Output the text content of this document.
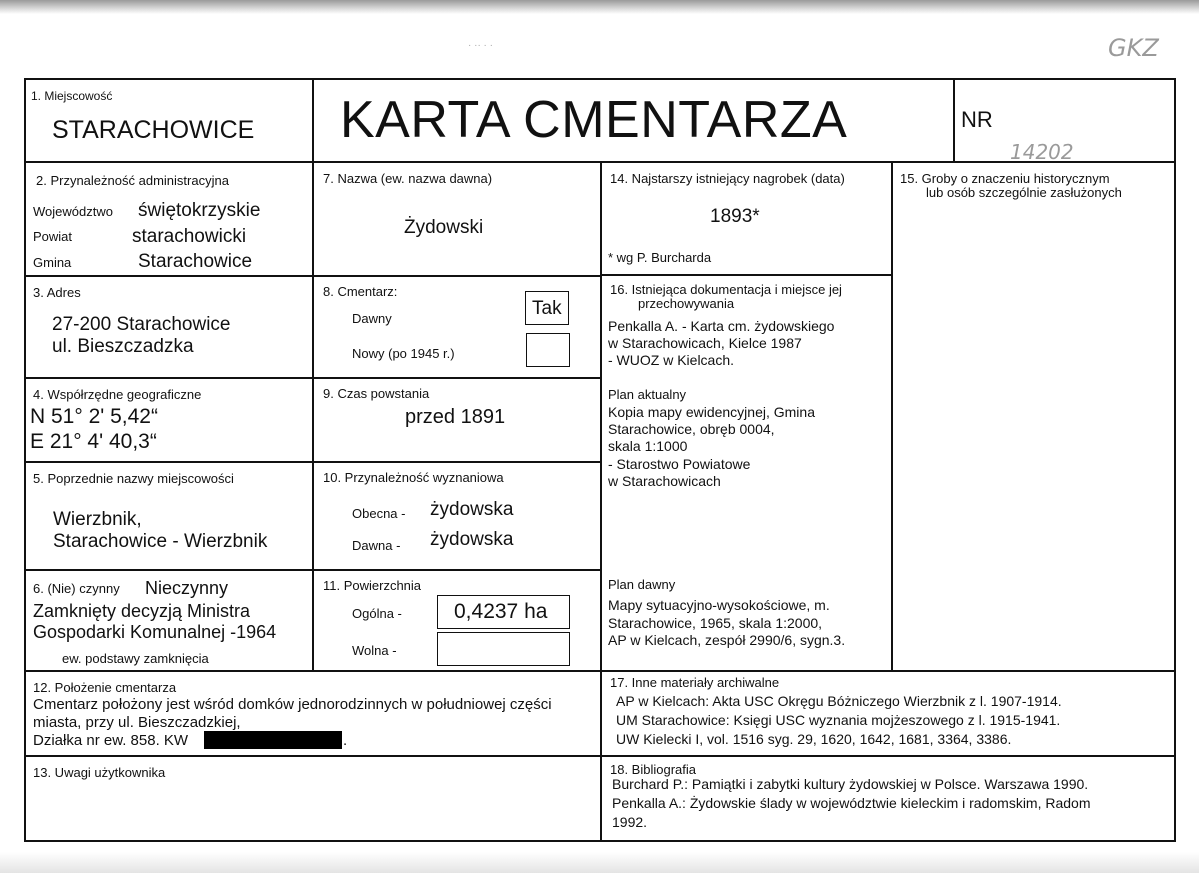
· ·· · ·	GKZ
1. Miejscowość
STARACHOWICE KARTA CMENTARZA	NR
14202
2. Przynależność administracyjna
Województwo świętokrzyskie
Powiat	starachowicki
Gmina	Starachowice
3. Adres
27-200 Starachowice
ul. Bieszczadzka
4. Współrzędne geograficzne
N 51° 2' 5,42“
E 21° 4' 40,3“
5. Poprzednie nazwy miejscowości
Wierzbnik,
Starachowice - Wierzbnik
6. (Nie) czynny Nieczynny
Zamknięty decyzją Ministra
Gospodarki Komunalnej -1964
ew. podstawy zamknięcia
7. Nazwa (ew. nazwa dawna)
Żydowski
8. Cmentarz:
Dawny	Tak
Nowy (po 1945 r.)
9. Czas powstania
przed 1891
10. Przynależność wyznaniowa
Obecna - żydowska
Dawna - żydowska
11. Powierzchnia
Ogólna - 0,4237 ha
Wolna -
12. Położenie cmentarza
Cmentarz położony jest wśród domków jednorodzinnych w południowej części
miasta, przy ul. Bieszczadzkiej,
Działka nr ew. 858. KW	.
13. Uwagi użytkownika
14. Najstarszy istniejący nagrobek (data)
1893*
* wg P. Burcharda
15. Groby o znaczeniu historycznym
lub osób szczególnie zasłużonych
16. Istniejąca dokumentacja i miejsce jej
przechowywania
Penkalla A. - Karta cm. żydowskiego
w Starachowicach, Kielce 1987
- WUOZ w Kielcach.
Plan aktualny
Kopia mapy ewidencyjnej, Gmina
Starachowice, obręb 0004,
skala 1:1000
- Starostwo Powiatowe
w Starachowicach
Plan dawny
Mapy sytuacyjno-wysokościowe, m.
Starachowice, 1965, skala 1:2000,
AP w Kielcach, zespół 2990/6, sygn.3.
17. Inne materiały archiwalne
AP w Kielcach: Akta USC Okręgu Bóżniczego Wierzbnik z l. 1907-1914.
UM Starachowice: Księgi USC wyznania mojżeszowego z l. 1915-1941.
UW Kielecki I, vol. 1516 syg. 29, 1620, 1642, 1681, 3364, 3386.
18. Bibliografia
Burchard P.: Pamiątki i zabytki kultury żydowskiej w Polsce. Warszawa 1990.
Penkalla A.: Żydowskie ślady w województwie kieleckim i radomskim, Radom
1992.
